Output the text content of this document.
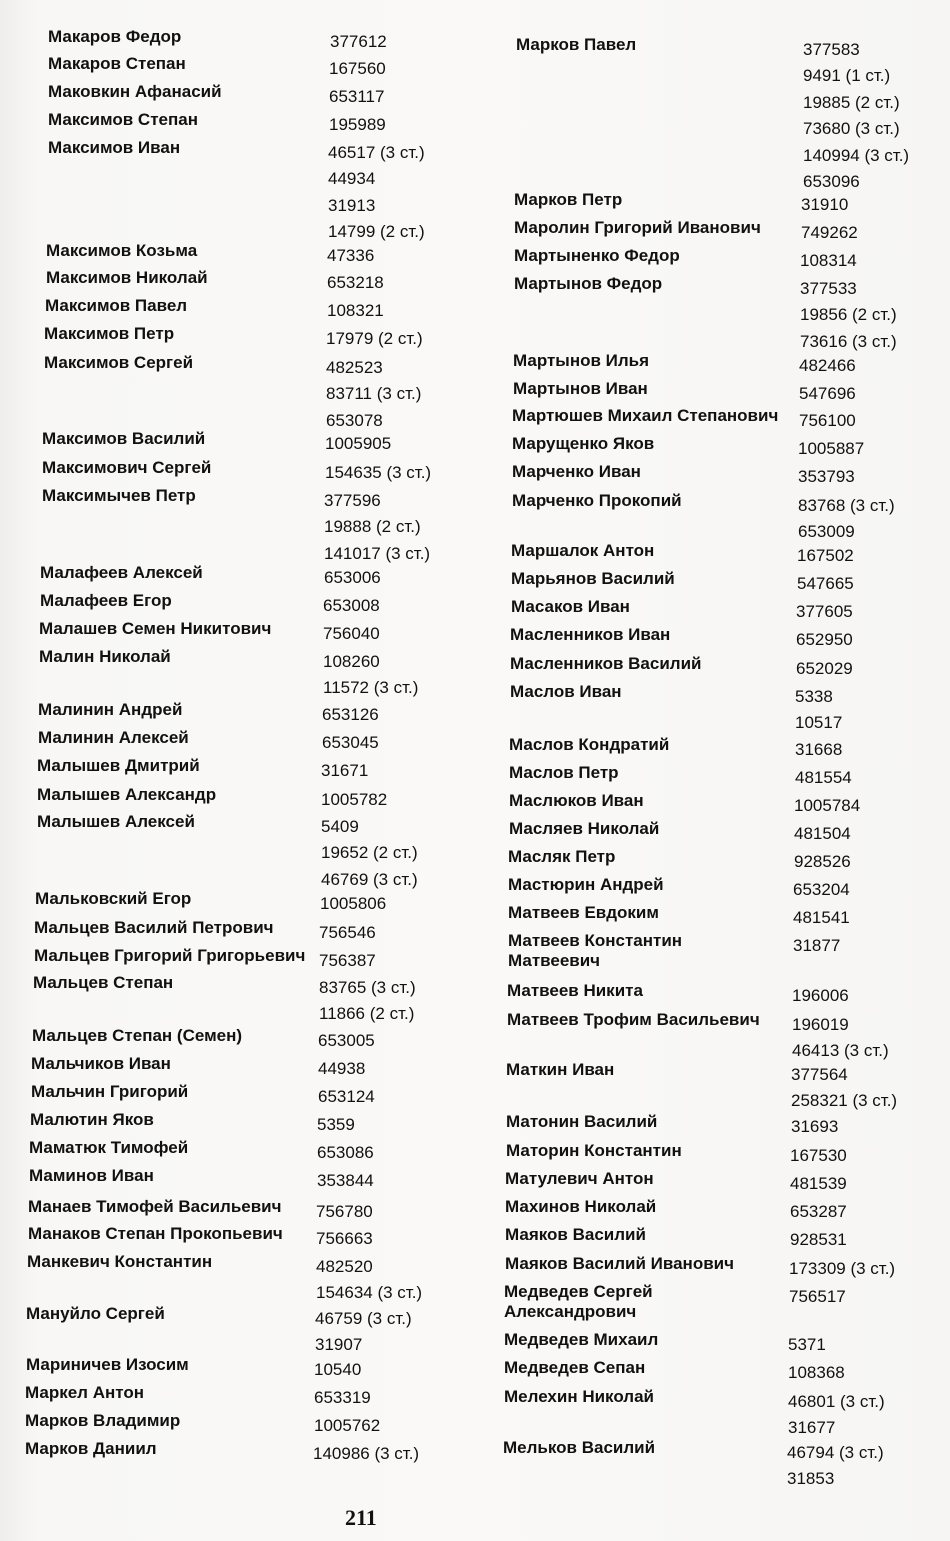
Макаров Федор	377612
Макаров Степан	167560
Маковкин Афанасий	653117
Максимов Степан	195989
Максимов Иван	46517 (3 ст.)
44934
31913
14799 (2 ст.)
Максимов Козьма	47336
Максимов Николай	653218
Максимов Павел	108321
Максимов Петр	17979 (2 ст.)
Максимов Сергей	482523
83711 (3 ст.)
653078
Максимов Василий	1005905
Максимович Сергей	154635 (3 ст.)
Максимычев Петр	377596
19888 (2 ст.)
141017 (3 ст.)
Малафеев Алексей	653006
Малафеев Егор	653008
Малашев Семен Никитович	756040
Малин Николай	108260
11572 (3 ст.)
Малинин Андрей	653126
Малинин Алексей	653045
Малышев Дмитрий	31671
Малышев Александр	1005782
Малышев Алексей	5409
19652 (2 ст.)
46769 (3 ст.)
Мальковский Егор	1005806
Мальцев Василий Петрович	756546
Мальцев Григорий Григорьевич 756387
Мальцев Степан	83765 (3 ст.)
11866 (2 ст.)
Мальцев Степан (Семен)	653005
Мальчиков Иван	44938
Мальчин Григорий	653124
Малютин Яков	5359
Маматюк Тимофей	653086
Маминов Иван	353844
Манаев Тимофей Васильевич 756780
Манаков Степан Прокопьевич 756663
Манкевич Константин	482520
154634 (3 ст.)
Мануйло Сергей	46759 (3 ст.)
31907
Мариничев Изосим	10540
Маркел Антон	653319
Марков Владимир	1005762
Марков Даниил	140986 (3 ст.)
Марков Павел	377583
9491 (1 ст.)
19885 (2 ст.)
73680 (3 ст.)
140994 (3 ст.)
653096
Марков Петр	31910
Маролин Григорий Иванович 749262
Мартыненко Федор	108314
Мартынов Федор	377533
19856 (2 ст.)
73616 (3 ст.)
Мартынов Илья	482466
Мартынов Иван	547696
Мартюшев Михаил Степанович 756100
Марущенко Яков	1005887
Марченко Иван	353793
Марченко Прокопий	83768 (3 ст.)
653009
Маршалок Антон	167502
Марьянов Василий	547665
Масаков Иван	377605
Масленников Иван	652950
Масленников Василий	652029
Маслов Иван	5338
10517
Маслов Кондратий	31668
Маслов Петр	481554
Маслюков Иван	1005784
Масляев Николай	481504
Масляк Петр	928526
Мастюрин Андрей	653204
Матвеев Евдоким	481541
Матвеев Константин
Матвеевич
31877
Матвеев Никита	196006
Матвеев Трофим Васильевич 196019
46413 (3 ст.)
Маткин Иван	377564
258321 (3 ст.)
Матонин Василий	31693
Маторин Константин	167530
Матулевич Антон	481539
Махинов Николай	653287
Маяков Василий	928531
Маяков Василий Иванович	173309 (3 ст.)
Медведев Сергей
Александрович
756517
Медведев Михаил	5371
Медведев Сепан	108368
Мелехин Николай	46801 (3 ст.)
31677
Мельков Василий	46794 (3 ст.)
31853
211
